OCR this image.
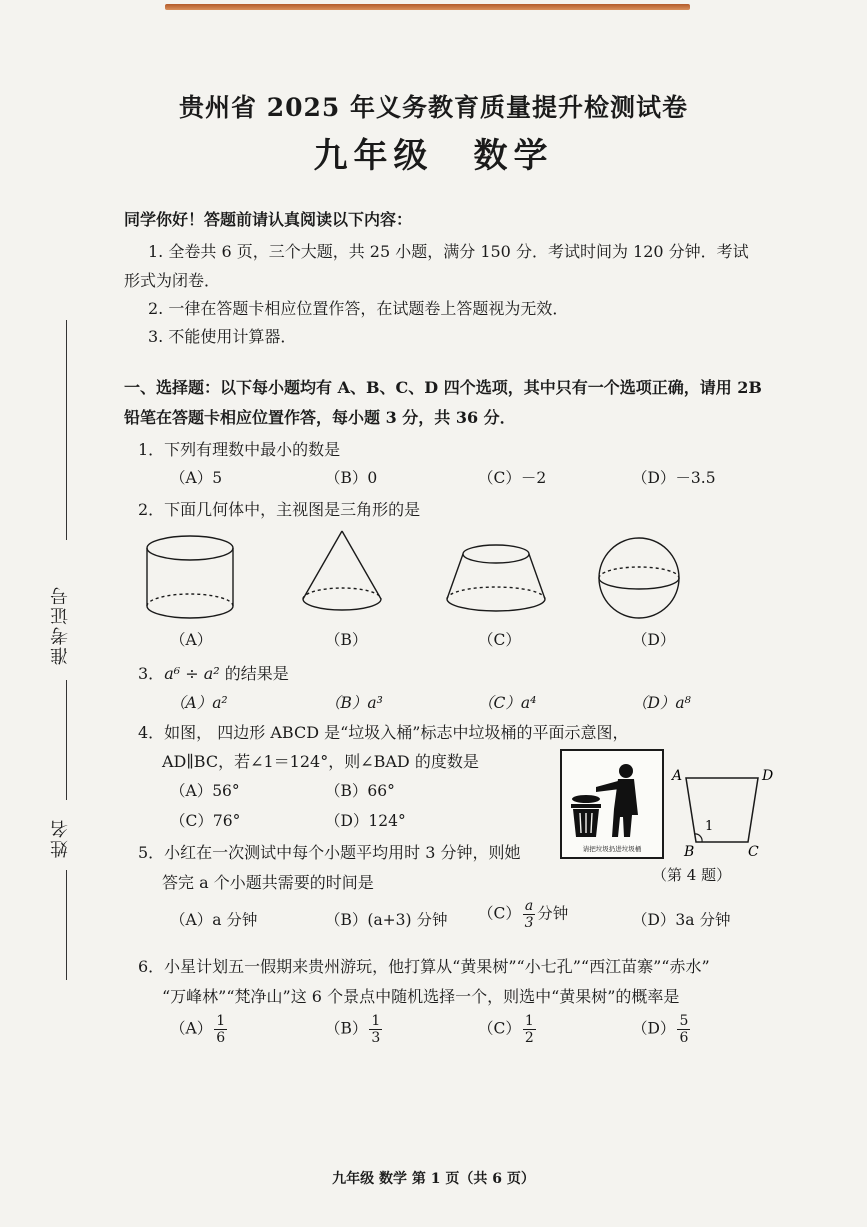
贵州省 2025 年义务教育质量提升检测试卷
九年级　数学
同学你好！答题前请认真阅读以下内容：
1. 全卷共 6 页，三个大题，共 25 小题，满分 150 分．考试时间为 120 分钟．考试
形式为闭卷．
2. 一律在答题卡相应位置作答，在试题卷上答题视为无效．
3. 不能使用计算器．
准考证号
姓名
一、选择题：以下每小题均有 A、B、C、D 四个选项，其中只有一个选项正确，请用 2B
铅笔在答题卡相应位置作答，每小题 3 分，共 36 分．
1．下列有理数中最小的数是
（A）5	（B）0	（C）－2	（D）－3.5
2．下面几何体中，主视图是三角形的是
（A）	（B）	（C）	（D）
3．a⁶ ÷ a² 的结果是
（A）a²	（B）a³	（C）a⁴	（D）a⁸
4．如图， 四边形 ABCD 是“垃圾入桶”标志中垃圾桶的平面示意图，
AD∥BC，若∠1＝124°，则∠BAD 的度数是
（A）56°	（B）66°
（C）76°	（D）124°
请把垃圾扔进垃圾桶
A	D
B	C
1
（第 4 题）
5．小红在一次测试中每个小题平均用时 3 分钟，则她
答完 a 个小题共需要的时间是
（A）a 分钟	（B）(a+3) 分钟 $(C) \frac{a}{3}$ 分钟	（D）3a 分钟
6．小星计划五一假期来贵州游玩，他打算从“黄果树”“小七孔”“西江苗寨”“赤水”
“万峰林”“梵净山”这 6 个景点中随机选择一个，则选中“黄果树”的概率是
$(A) \frac{1}{6}$	$(B) \frac{1}{3}$	$(C) \frac{1}{2}$	$(D) \frac{5}{6}$
九年级 数学 第 1 页（共 6 页）
